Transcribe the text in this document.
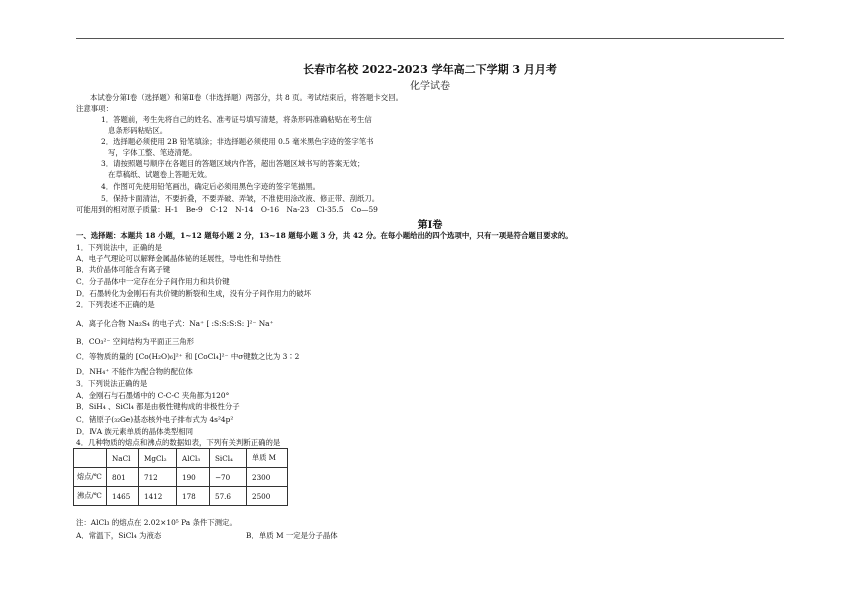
长春市名校 2022-2023 学年高二下学期 3 月月考
化学试卷
本试卷分第Ⅰ卷（选择题）和第Ⅱ卷（非选择题）两部分，共 8 页。考试结束后，将答题卡交回。
注意事项：
1．答题前，考生先将自己的姓名、准考证号填写清楚，将条形码准确粘贴在考生信
息条形码粘贴区。
2．选择题必须使用 2B 铅笔填涂；非选择题必须使用 0.5 毫米黑色字迹的签字笔书
写，字体工整、笔迹清楚。
3．请按照题号顺序在各题目的答题区域内作答，超出答题区域书写的答案无效；
在草稿纸、试题卷上答题无效。
4．作图可先使用铅笔画出，确定后必须用黑色字迹的签字笔描黑。
5．保持卡面清洁，不要折叠，不要弄破、弄皱，不准使用涂改液、修正带、刮纸刀。
可能用到的相对原子质量：H-1　Be-9　C-12　N-14　O-16　Na-23　Cl-35.5　Co—59
第Ⅰ卷
一、选择题：本题共 18 小题，1~12 题每小题 2 分，13~18 题每小题 3 分，共 42 分。在每小题给出的四个选项中，只有一项是符合题目要求的。
1．下列说法中，正确的是
A．电子气理论可以解释金属晶体铋的延展性，导电性和导热性
B．共价晶体可能含有离子键
C．分子晶体中一定存在分子间作用力和共价键
D．石墨转化为金刚石有共价键的断裂和生成，没有分子间作用力的破坏
2．下列表述不正确的是
A．离子化合物 Na₂S₄ 的电子式：Na⁺ [ :S:S:S:S: ]²⁻ Na⁺
B．CO₃²⁻ 空间结构为平面正三角形
C．等物质的量的 [Co(H₂O)₆]²⁺ 和 [CoCl₄]²⁻ 中σ键数之比为 3∶2
D．NH₄⁺ 不能作为配合物的配位体
3．下列说法正确的是
A．金刚石与石墨烯中的 C-C-C 夹角都为120°
B．SiH₄ 、SiCl₄ 都是由极性键构成的非极性分子
C．锗原子(₃₂Ge)基态核外电子排布式为 4s²4p²
D．ⅣA 族元素单质的晶体类型相同
4．几种物质的熔点和沸点的数据如表，下列有关判断正确的是
	NaCl	MgCl₂	AlCl₃	SiCl₄	单质 M
熔点/℃	801	712	190	−70	2300
沸点/℃	1465	1412	178	57.6	2500
注：AlCl₃ 的熔点在 2.02×10⁵ Pa 条件下测定。
A．常温下，SiCl₄ 为液态	B．单质 M 一定是分子晶体
